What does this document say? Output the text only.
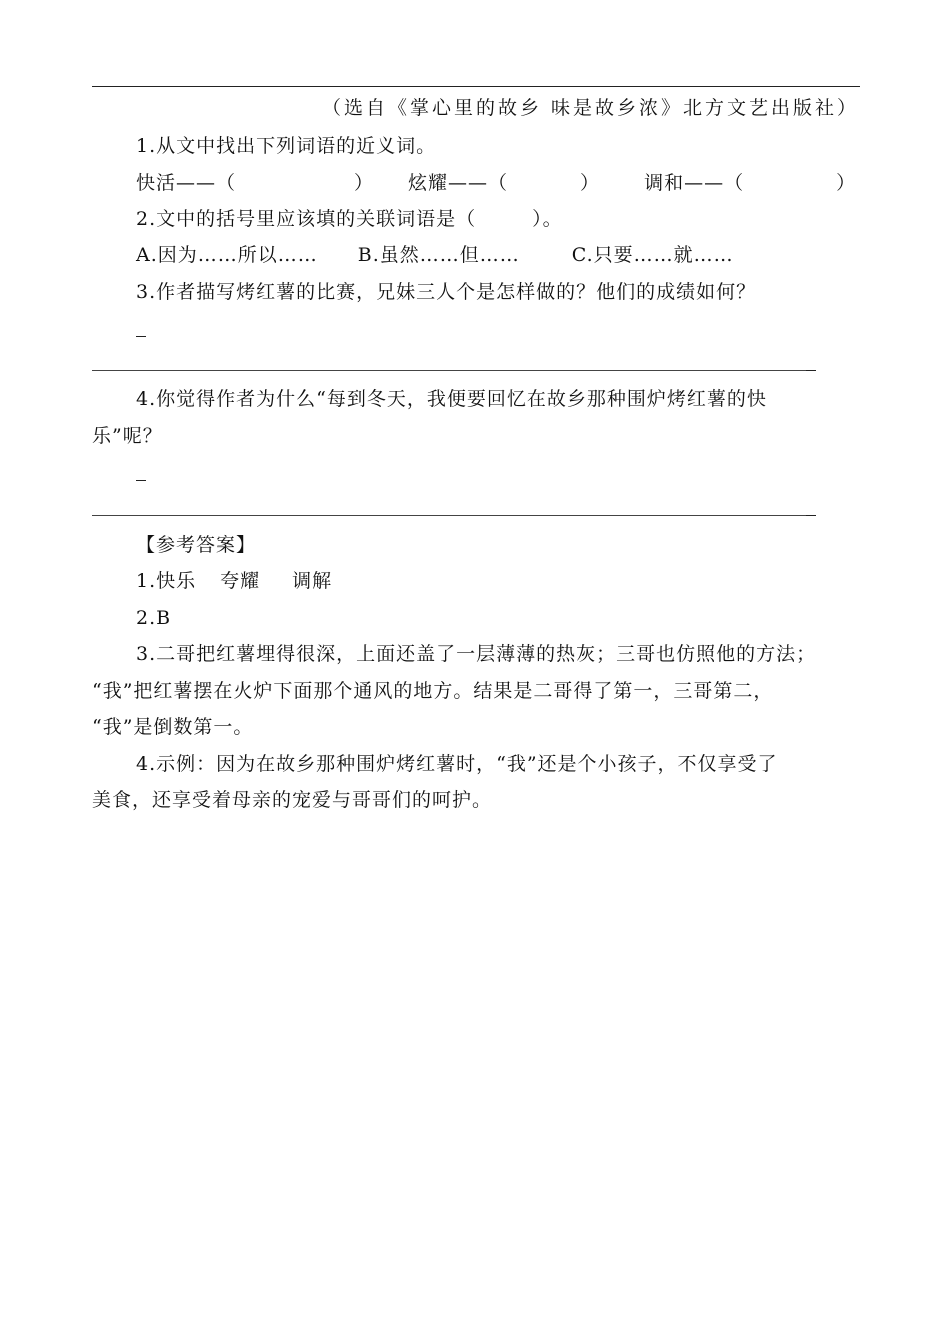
（选自《掌心里的故乡 味是故乡浓》北方文艺出版社）
1.从文中找出下列词语的近义词。
快活——（	） 炫耀——（	） 调和——（	）
2.文中的括号里应该填的关联词语是（	）。
A.因为……所以…… B.虽然……但……	C.只要……就……
3.作者描写烤红薯的比赛，兄妹三人个是怎样做的？他们的成绩如何？
4.你觉得作者为什么“每到冬天，我便要回忆在故乡那种围炉烤红薯的快
乐”呢？
【参考答案】
1.快乐 夸耀 调解
2.B
3.二哥把红薯埋得很深，上面还盖了一层薄薄的热灰；三哥也仿照他的方法；
“我”把红薯摆在火炉下面那个通风的地方。结果是二哥得了第一，三哥第二，
“我”是倒数第一。
4.示例：因为在故乡那种围炉烤红薯时，“我”还是个小孩子，不仅享受了
美食，还享受着母亲的宠爱与哥哥们的呵护。
